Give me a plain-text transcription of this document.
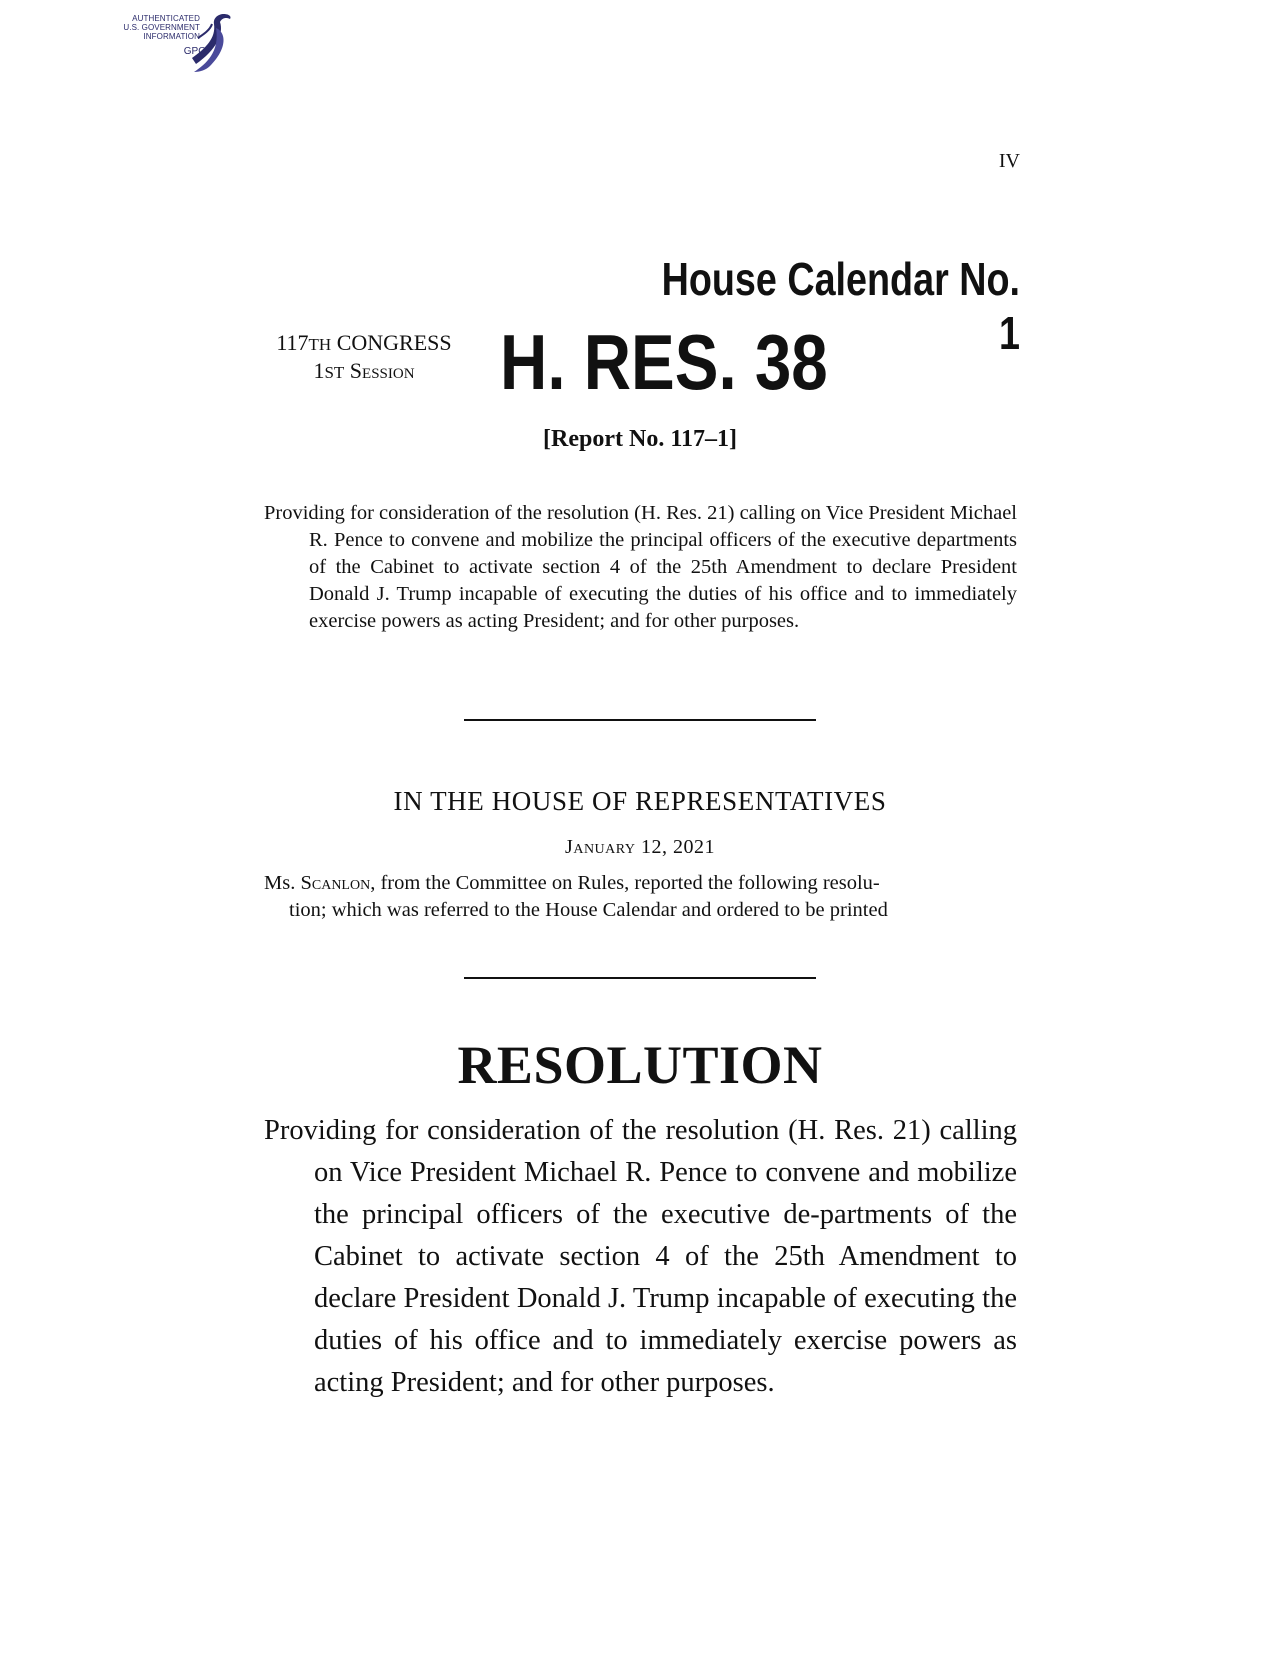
AUTHENTICATED
U.S. GOVERNMENT
INFORMATION
GPO
IV
House Calendar No. 1
117TH CONGRESS
1ST Session	H. RES. 38
[Report No. 117–1]
Providing for consideration of the resolution (H. Res. 21) calling on Vice President Michael R. Pence to convene and mobilize the principal officers of the executive departments of the Cabinet to activate section 4 of the 25th Amendment to declare President Donald J. Trump incapable of executing the duties of his office and to immediately exercise powers as acting President; and for other purposes.
IN THE HOUSE OF REPRESENTATIVES
January 12, 2021
Ms. Scanlon, from the Committee on Rules, reported the following resolu-
tion; which was referred to the House Calendar and ordered to be printed
RESOLUTION
Providing for consideration of the resolution (H. Res. 21) calling on Vice President Michael R. Pence to convene and mobilize the principal officers of the executive de-partments of the Cabinet to activate section 4 of the 25th Amendment to declare President Donald J. Trump incapable of executing the duties of his office and to immediately exercise powers as acting President; and for other purposes.
